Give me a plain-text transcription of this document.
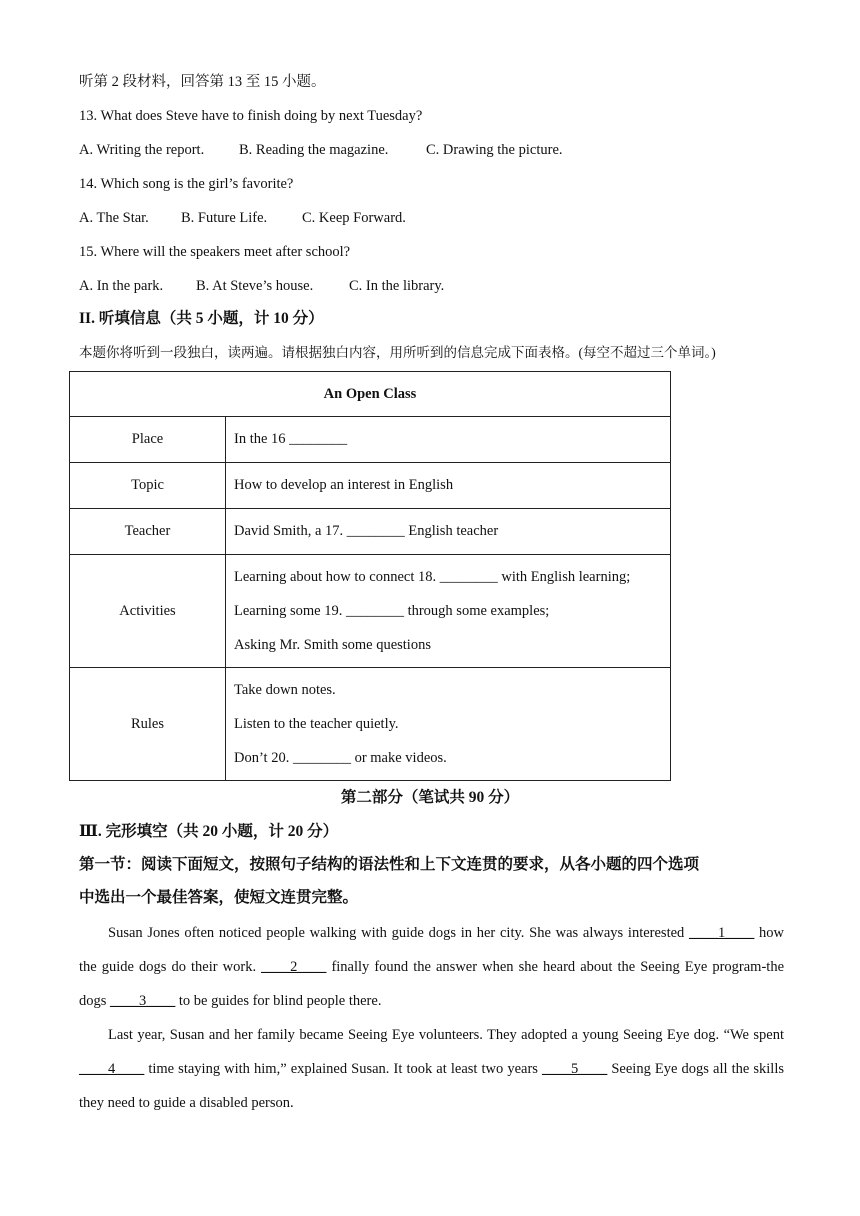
听第 2 段材料，回答第 13 至 15 小题。
13. What does Steve have to finish doing by next Tuesday?
A. Writing the report. B. Reading the magazine.	C. Drawing the picture.
14. Which song is the girl’s favorite?
A. The Star. B. Future Life. C. Keep Forward.
15. Where will the speakers meet after school?
A. In the park. B. At Steve’s house. C. In the library.
II. 听填信息（共 5 小题，计 10 分）
本题你将听到一段独白，读两遍。请根据独白内容，用所听到的信息完成下面表格。(每空不超过三个单词。)
An Open Class	
Place	In the 16 ________
Topic	How to develop an interest in English
Teacher	David Smith, a 17. ________ English teacher
Activities	Learning about how to connect 18. ________ with English learning;
Learning some 19. ________ through some examples;
Asking Mr. Smith some questions

Rules	Take down notes.
Listen to the teacher quietly.
Don’t 20. ________ or make videos.
第二部分（笔试共 90 分）
Ⅲ. 完形填空（共 20 小题，计 20 分）
第一节：阅读下面短文，按照句子结构的语法性和上下文连贯的要求，从各小题的四个选项
中选出一个最佳答案，使短文连贯完整。
Susan Jones often noticed people walking with guide dogs in her city. She was always interested ____1____ how the guide dogs do their work. ____2____ finally found the answer when she heard about the Seeing Eye program-the dogs ____3____ to be guides for blind people there.
Last year, Susan and her family became Seeing Eye volunteers. They adopted a young Seeing Eye dog. “We spent ____4____ time staying with him,” explained Susan. It took at least two years ____5____ Seeing Eye dogs all the skills they need to guide a disabled person.
